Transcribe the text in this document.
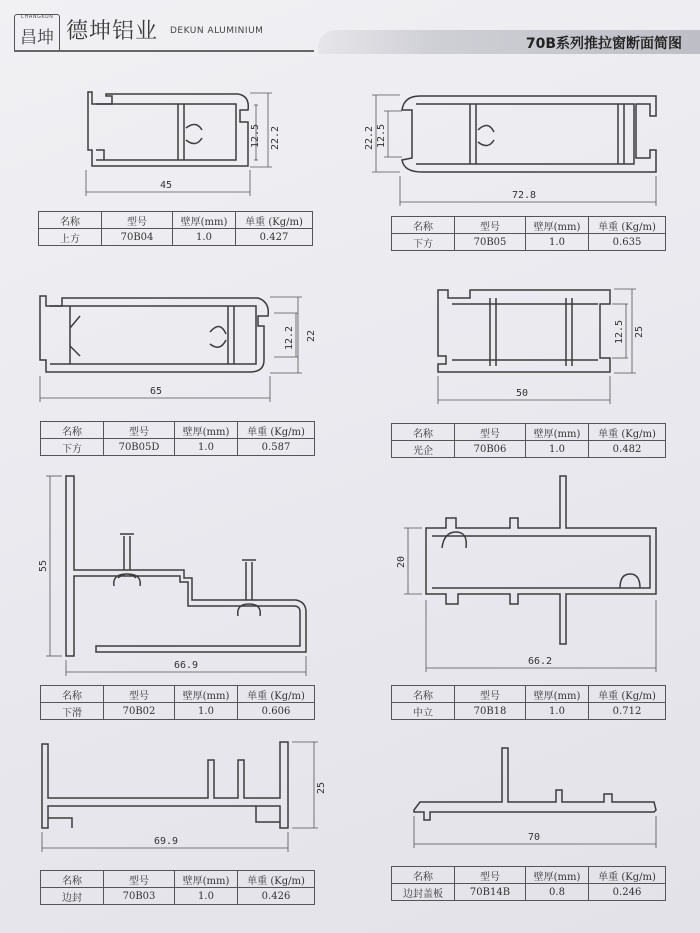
CHANGKUN
昌坤 德坤铝业 DEKUN ALUMINIUM
70B系列推拉窗断面简图
45
22.2
12.5
72.8
22.2 12.5
65
22
12.2
50
25
12.5
66.9
55
66.2
20
69.9
25
70
名称	型号	壁厚(mm)	单重 (Kg/m)
上方	70B04	1.0	0.427
名称	型号	壁厚(mm)	单重 (Kg/m)
下方	70B05	1.0	0.635
名称	型号	壁厚(mm)	单重 (Kg/m)
下方	70B05D	1.0	0.587
名称	型号	壁厚(mm)	单重 (Kg/m)
光企	70B06	1.0	0.482
名称	型号	壁厚(mm)	单重 (Kg/m)
下滑	70B02	1.0	0.606
名称	型号	壁厚(mm)	单重 (Kg/m)
中立	70B18	1.0	0.712
名称	型号	壁厚(mm)	单重 (Kg/m)
边封	70B03	1.0	0.426
名称	型号	壁厚(mm)	单重 (Kg/m)
边封盖板	70B14B	0.8	0.246
